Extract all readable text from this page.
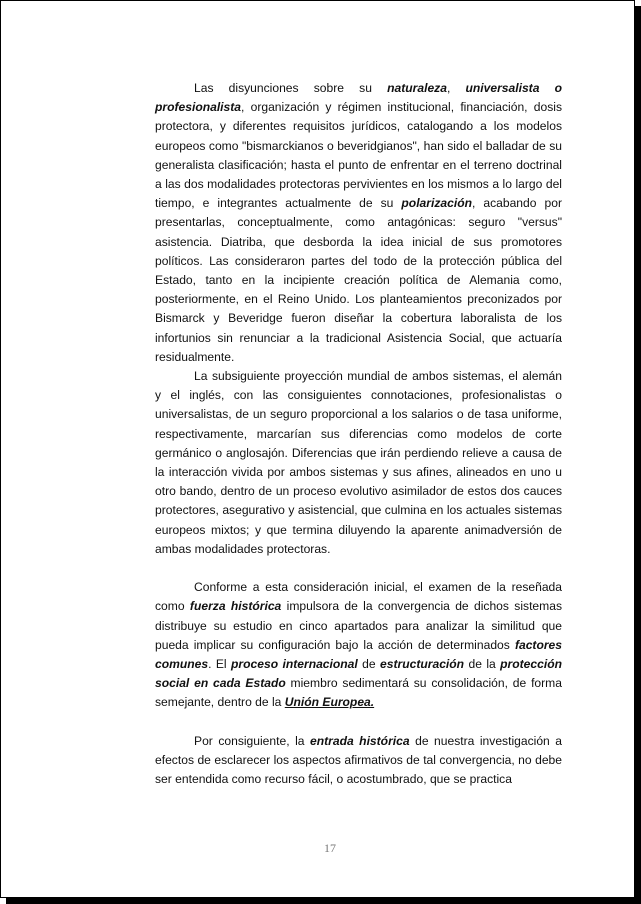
Las disyunciones sobre su naturaleza, universalista o profesionalista, organización y régimen institucional, financiación, dosis protectora, y diferentes requisitos jurídicos, catalogando a los modelos europeos como "bismarckianos o beveridgianos", han sido el balladar de su generalista clasificación; hasta el punto de enfrentar en el terreno doctrinal a las dos modalidades protectoras pervivientes en los mismos a lo largo del tiempo, e integrantes actualmente de su polarización, acabando por presentarlas, conceptualmente, como antagónicas: seguro "versus" asistencia. Diatriba, que desborda la idea inicial de sus promotores políticos. Las consideraron partes del todo de la protección pública del Estado, tanto en la incipiente creación política de Alemania como, posteriormente, en el Reino Unido. Los planteamientos preconizados por Bismarck y Beveridge fueron diseñar la cobertura laboralista de los infortunios sin renunciar a la tradicional Asistencia Social, que actuaría residualmente.

La subsiguiente proyección mundial de ambos sistemas, el alemán y el inglés, con las consiguientes connotaciones, profesionalistas o universalistas, de un seguro proporcional a los salarios o de tasa uniforme, respectivamente, marcarían sus diferencias como modelos de corte germánico o anglosajón. Diferencias que irán perdiendo relieve a causa de la interacción vivida por ambos sistemas y sus afines, alineados en uno u otro bando, dentro de un proceso evolutivo asimilador de estos dos cauces protectores, asegurativo y asistencial, que culmina en los actuales sistemas europeos mixtos; y que termina diluyendo la aparente animadversión de ambas modalidades protectoras.

Conforme a esta consideración inicial, el examen de la reseñada como fuerza histórica impulsora de la convergencia de dichos sistemas distribuye su estudio en cinco apartados para analizar la similitud que pueda implicar su configuración bajo la acción de determinados factores comunes. El proceso internacional de estructuración de la protección social en cada Estado miembro sedimentará su consolidación, de forma semejante, dentro de la Unión Europea.

Por consiguiente, la entrada histórica de nuestra investigación a efectos de esclarecer los aspectos afirmativos de tal convergencia, no debe ser entendida como recurso fácil, o acostumbrado, que se practica

17
